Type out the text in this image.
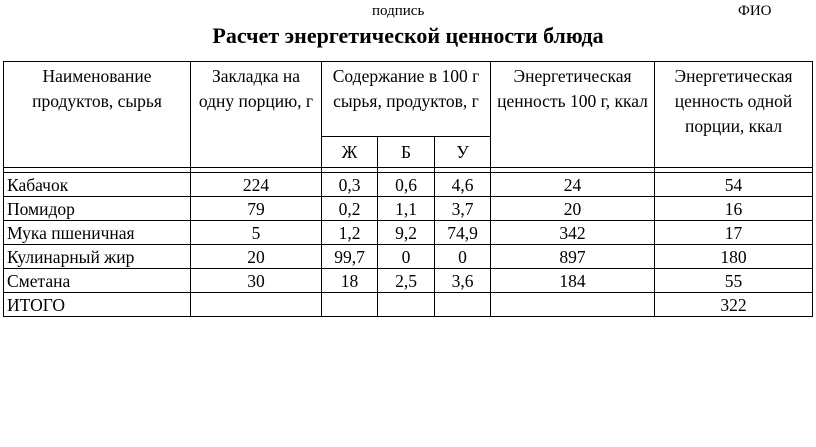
подпись	ФИО
Расчет энергетической ценности блюда
Наименование продуктов, сырья	Закладка на одну порцию, г	Содержание в 100 г сырья, продуктов, г			Энергетическая ценность 100 г, ккал	Энергетическая ценность одной порции, ккал
		Ж	Б	У		

Кабачок	224	0,3	0,6	4,6	24	54
Помидор	79	0,2	1,1	3,7	20	16
Мука пшеничная	5	1,2	9,2	74,9	342	17
Кулинарный жир	20	99,7	0	0	897	180
Сметана	30	18	2,5	3,6	184	55
ИТОГО						322
